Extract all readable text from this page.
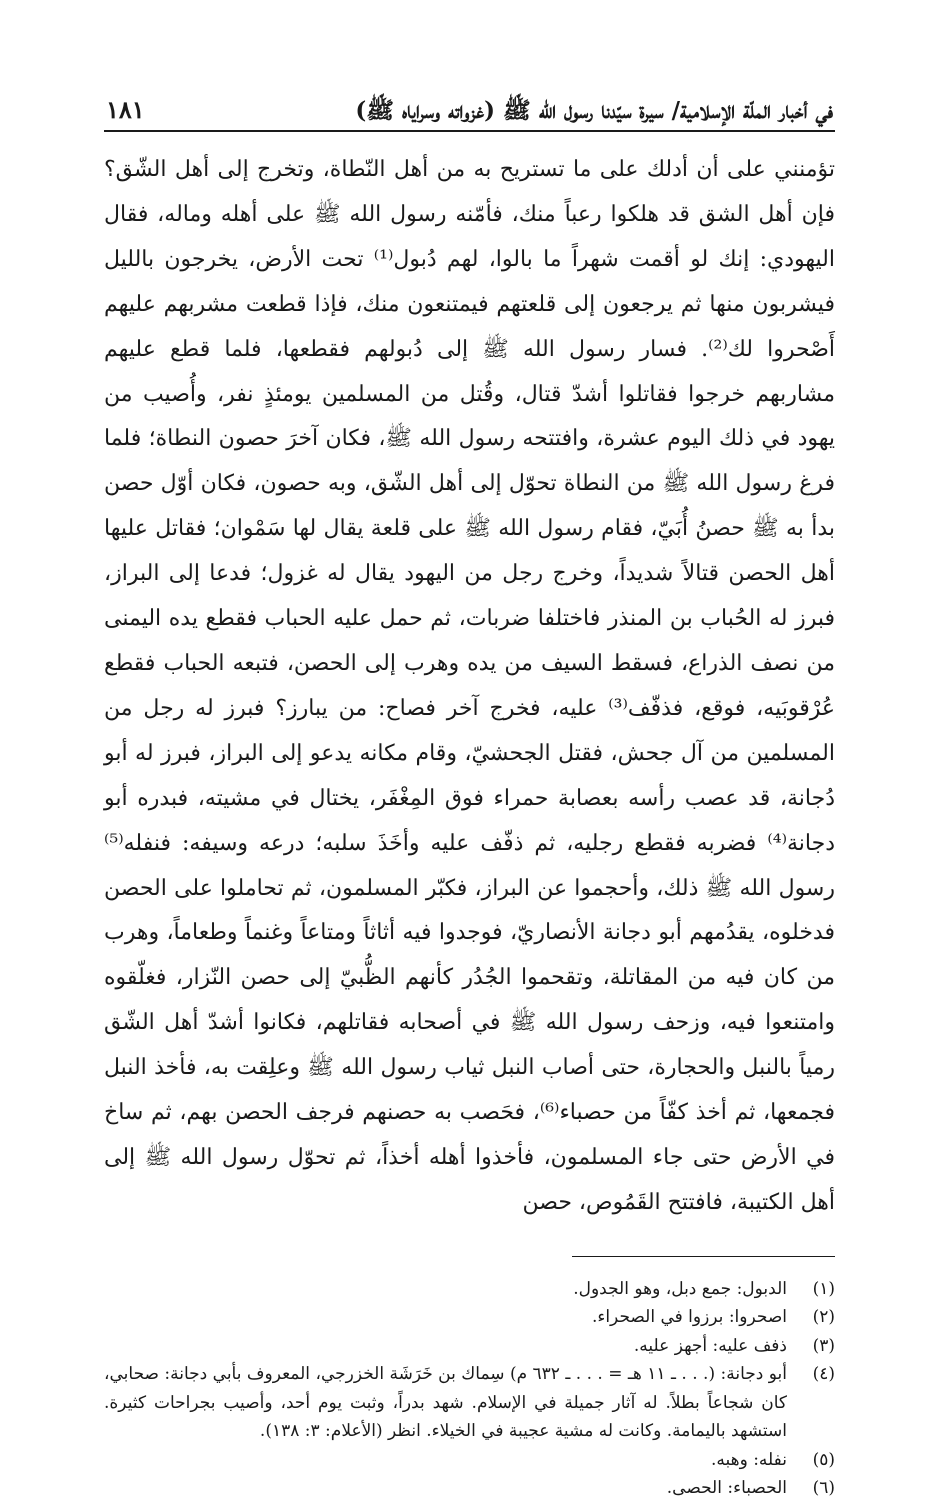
في أخبار الملّة الإسلامية/ سيرة سيّدنا رسول الله ﷺ (غزواته وسراياه ﷺ)
١٨١
تؤمنني على أن أدلك على ما تستريح به من أهل النّطاة، وتخرج إلى أهل الشّق؟ فإن أهل الشق قد هلكوا رعباً منك، فأمّنه رسول الله ﷺ على أهله وماله، فقال اليهودي: إنك لو أقمت شهراً ما بالوا، لهم دُبول⁽¹⁾ تحت الأرض، يخرجون بالليل فيشربون منها ثم يرجعون إلى قلعتهم فيمتنعون منك، فإذا قطعت مشربهم عليهم أَصْحروا لك⁽²⁾. فسار رسول الله ﷺ إلى دُبولهم فقطعها، فلما قطع عليهم مشاربهم خرجوا فقاتلوا أشدّ قتال، وقُتل من المسلمين يومئذٍ نفر، وأُصيب من يهود في ذلك اليوم عشرة، وافتتحه رسول الله ﷺ، فكان آخرَ حصون النطاة؛ فلما فرغ رسول الله ﷺ من النطاة تحوّل إلى أهل الشّق، وبه حصون، فكان أوّل حصن بدأ به ﷺ حصنُ أُبَيّ، فقام رسول الله ﷺ على قلعة يقال لها سَمْوان؛ فقاتل عليها أهل الحصن قتالاً شديداً، وخرج رجل من اليهود يقال له غزول؛ فدعا إلى البراز، فبرز له الحُباب بن المنذر فاختلفا ضربات، ثم حمل عليه الحباب فقطع يده اليمنى من نصف الذراع، فسقط السيف من يده وهرب إلى الحصن، فتبعه الحباب فقطع عُرْقوبَيه، فوقع، فذفّف⁽³⁾ عليه، فخرج آخر فصاح: من يبارز؟ فبرز له رجل من المسلمين من آل جحش، فقتل الجحشيّ، وقام مكانه يدعو إلى البراز، فبرز له أبو دُجانة، قد عصب رأسه بعصابة حمراء فوق المِغْفَر، يختال في مشيته، فبدره أبو دجانة⁽⁴⁾ فضربه فقطع رجليه، ثم ذفّف عليه وأخَذَ سلبه؛ درعه وسيفه: فنفله⁽⁵⁾ رسول الله ﷺ ذلك، وأحجموا عن البراز، فكبّر المسلمون، ثم تحاملوا على الحصن فدخلوه، يقدُمهم أبو دجانة الأنصاريّ، فوجدوا فيه أثاثاً ومتاعاً وغنماً وطعاماً، وهرب من كان فيه من المقاتلة، وتقحموا الجُدُر كأنهم الظُّبيّ إلى حصن النّزار، فغلّقوه وامتنعوا فيه، وزحف رسول الله ﷺ في أصحابه فقاتلهم، فكانوا أشدّ أهل الشّق رمياً بالنبل والحجارة، حتى أصاب النبل ثياب رسول الله ﷺ وعلِقت به، فأخذ النبل فجمعها، ثم أخذ كفّاً من حصباء⁽⁶⁾، فحَصب به حصنهم فرجف الحصن بهم، ثم ساخ في الأرض حتى جاء المسلمون، فأخذوا أهله أخذاً، ثم تحوّل رسول الله ﷺ إلى أهل الكتيبة، فافتتح القَمُوص، حصن
(١)
الدبول: جمع دبل، وهو الجدول.
(٢)
اصحروا: برزوا في الصحراء.
(٣)
ذفف عليه: أجهز عليه.
(٤)
أبو دجانة: (. . . ـ ١١ هـ = . . . ـ ٦٣٢ م) سِماك بن خَرَشَة الخزرجي، المعروف بأبي دجانة: صحابي، كان شجاعاً بطلاً. له آثار جميلة في الإسلام. شهد بدراً، وثبت يوم أحد، وأصيب بجراحات كثيرة. استشهد باليمامة. وكانت له مشية عجيبة في الخيلاء. انظر (الأعلام: ٣: ١٣٨).
(٥)
نفله: وهبه.
(٦)
الحصباء: الحصى.
